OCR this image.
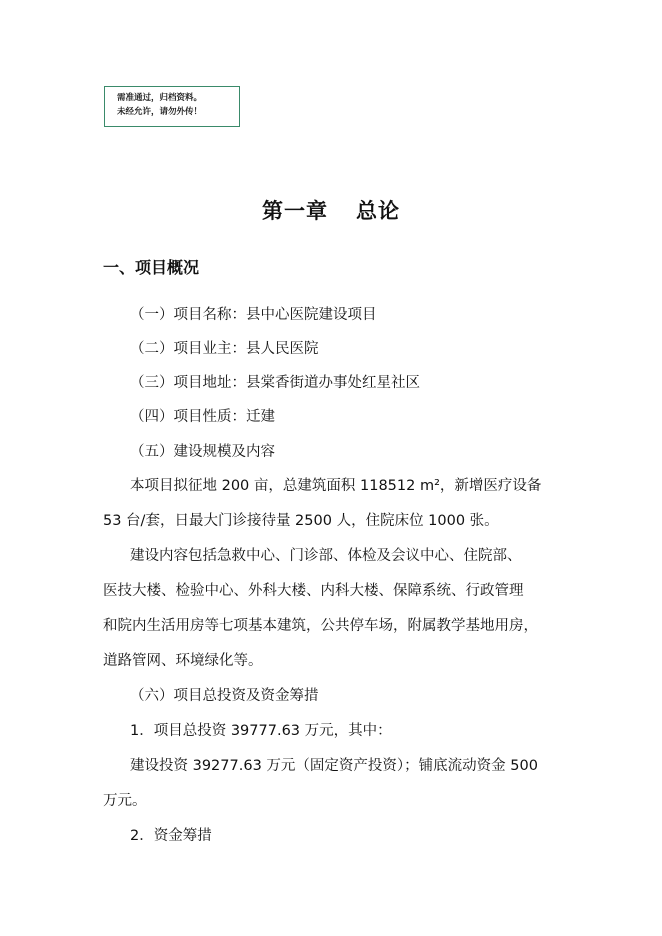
需准通过，归档资料。
未经允许，请勿外传！
第一章 总论
一、项目概况
（一）项目名称：县中心医院建设项目
（二）项目业主：县人民医院
（三）项目地址：县棠香街道办事处红星社区
（四）项目性质：迁建
（五）建设规模及内容
本项目拟征地 200 亩，总建筑面积 118512 m²，新增医疗设备
53 台/套，日最大门诊接待量 2500 人，住院床位 1000 张。
建设内容包括急救中心、门诊部、体检及会议中心、住院部、
医技大楼、检验中心、外科大楼、内科大楼、保障系统、行政管理
和院内生活用房等七项基本建筑，公共停车场，附属教学基地用房，
道路管网、环境绿化等。
（六）项目总投资及资金筹措
1．项目总投资 39777.63 万元，其中：
建设投资 39277.63 万元（固定资产投资）；铺底流动资金 500
万元。
2．资金筹措
